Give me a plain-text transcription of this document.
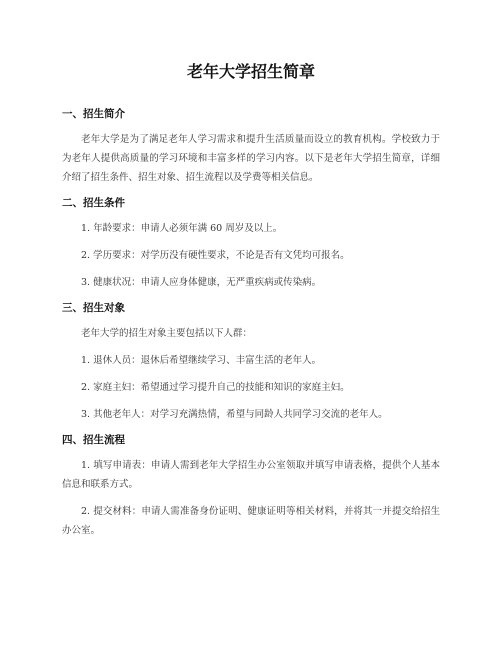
老年大学招生简章
一、招生简介

老年大学是为了满足老年人学习需求和提升生活质量而设立的教育机构。学校致力于为老年人提供高质量的学习环境和丰富多样的学习内容。以下是老年大学招生简章，详细介绍了招生条件、招生对象、招生流程以及学费等相关信息。

二、招生条件

1. 年龄要求：申请人必须年满 60 周岁及以上。

2. 学历要求：对学历没有硬性要求，不论是否有文凭均可报名。

3. 健康状况：申请人应身体健康，无严重疾病或传染病。

三、招生对象

老年大学的招生对象主要包括以下人群：

1. 退休人员：退休后希望继续学习、丰富生活的老年人。

2. 家庭主妇：希望通过学习提升自己的技能和知识的家庭主妇。

3. 其他老年人：对学习充满热情，希望与同龄人共同学习交流的老年人。

四、招生流程

1. 填写申请表：申请人需到老年大学招生办公室领取并填写申请表格，提供个人基本信息和联系方式。

2. 提交材料：申请人需准备身份证明、健康证明等相关材料，并将其一并提交给招生办公室。
